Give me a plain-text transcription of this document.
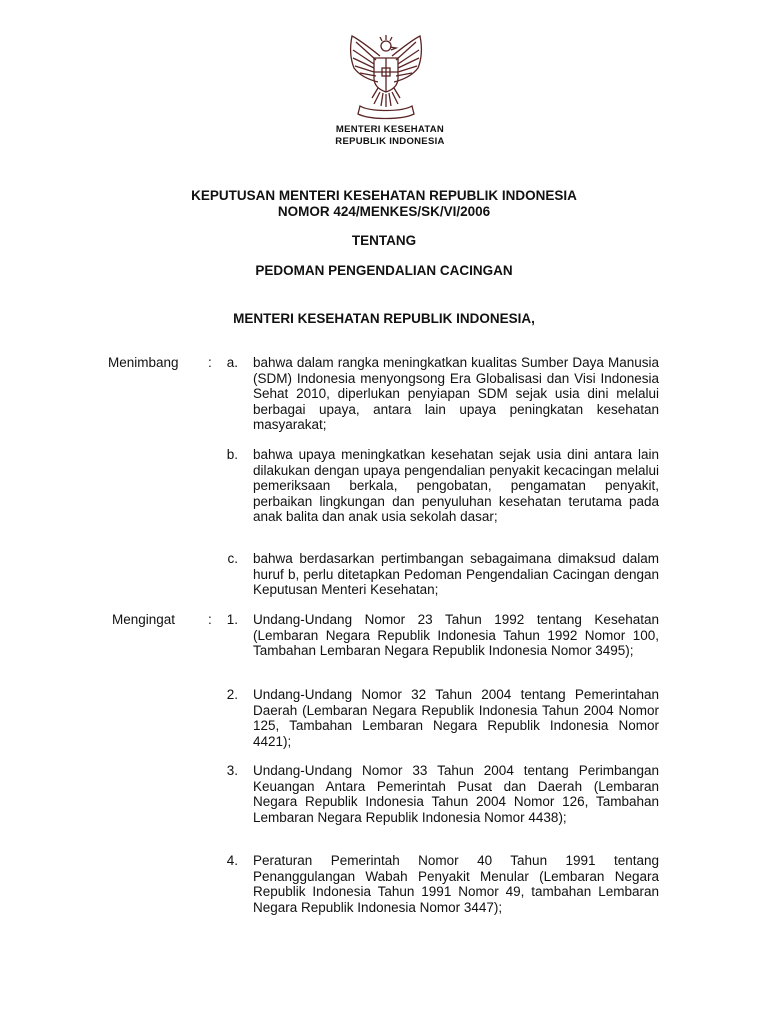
MENTERI KESEHATAN
REPUBLIK INDONESIA
KEPUTUSAN MENTERI KESEHATAN REPUBLIK INDONESIA
NOMOR 424/MENKES/SK/VI/2006
TENTANG
PEDOMAN PENGENDALIAN CACINGAN
MENTERI KESEHATAN REPUBLIK INDONESIA,
Menimbang :	a. bahwa dalam rangka meningkatkan kualitas Sumber Daya Manusia (SDM) Indonesia menyongsong Era Globalisasi dan Visi Indonesia Sehat 2010, diperlukan penyiapan SDM sejak usia dini melalui berbagai upaya, antara lain upaya peningkatan kesehatan masyarakat;
b. bahwa upaya meningkatkan kesehatan sejak usia dini antara lain dilakukan dengan upaya pengendalian penyakit kecacingan melalui pemeriksaan berkala, pengobatan, pengamatan penyakit, perbaikan lingkungan dan penyuluhan kesehatan terutama pada anak balita dan anak usia sekolah dasar;
c. bahwa berdasarkan pertimbangan sebagaimana dimaksud dalam huruf b, perlu ditetapkan Pedoman Pengendalian Cacingan dengan Keputusan Menteri Kesehatan;
Mengingat :	1. Undang-Undang Nomor 23 Tahun 1992 tentang Kesehatan (Lembaran Negara Republik Indonesia Tahun 1992 Nomor 100, Tambahan Lembaran Negara Republik Indonesia Nomor 3495);
2. Undang-Undang Nomor 32 Tahun 2004 tentang Pemerintahan Daerah (Lembaran Negara Republik Indonesia Tahun 2004 Nomor 125, Tambahan Lembaran Negara Republik Indonesia Nomor 4421);
3. Undang-Undang Nomor 33 Tahun 2004 tentang Perimbangan Keuangan Antara Pemerintah Pusat dan Daerah (Lembaran Negara Republik Indonesia Tahun 2004 Nomor 126, Tambahan Lembaran Negara Republik Indonesia Nomor 4438);
4. Peraturan Pemerintah Nomor 40 Tahun 1991 tentang Penanggulangan Wabah Penyakit Menular (Lembaran Negara Republik Indonesia Tahun 1991 Nomor 49, tambahan Lembaran Negara Republik Indonesia Nomor 3447);
